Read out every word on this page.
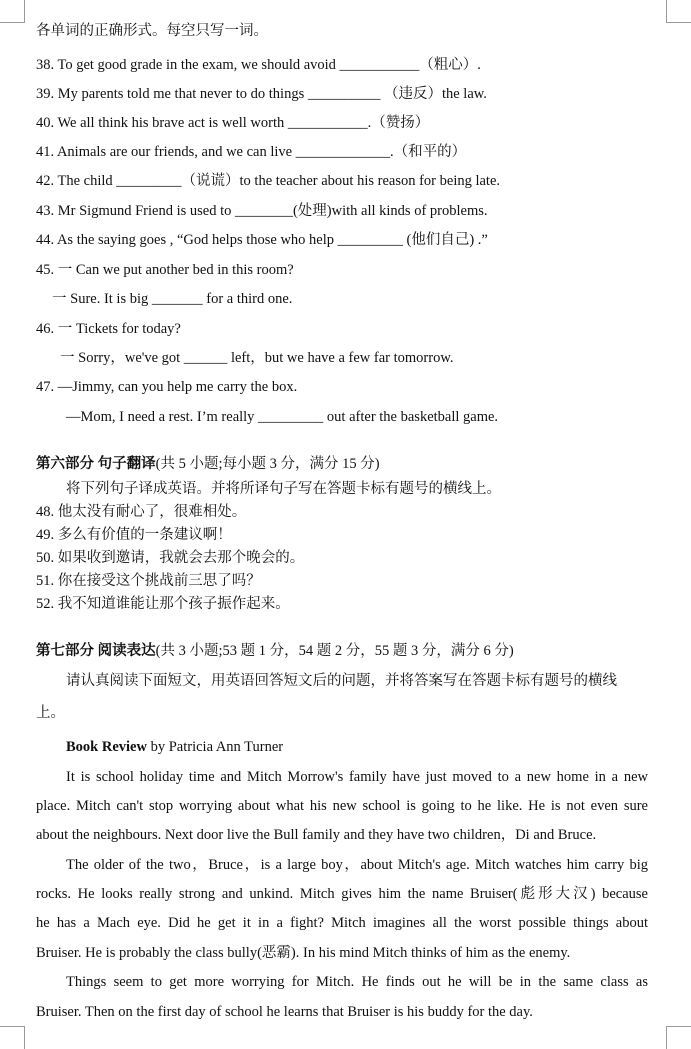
各单词的正确形式。每空只写一词。
38. To get good grade in the exam, we should avoid ___________（粗心）.
39. My parents told me that never to do things __________ （违反）the law.
40. We all think his brave act is well worth ___________.（赞扬）
41. Animals are our friends, and we can live _____________.（和平的）
42. The child _________（说谎）to the teacher about his reason for being late.
43. Mr Sigmund Friend is used to ________(处理)with all kinds of problems.
44. As the saying goes , “God helps those who help _________ (他们自己) .”
45. 一 Can we put another bed in this room?
一 Sure. It is big _______ for a third one.
46. 一 Tickets for today?
一 Sorry，we've got ______ left，but we have a few far tomorrow.
47. —Jimmy, can you help me carry the box.
—Mom, I need a rest. I’m really _________ out after the basketball game.
第六部分 句子翻译(共 5 小题;每小题 3 分，满分 15 分)
将下列句子译成英语。并将所译句子写在答题卡标有题号的横线上。
48. 他太没有耐心了，很难相处。
49. 多么有价值的一条建议啊！
50. 如果收到邀请，我就会去那个晚会的。
51. 你在接受这个挑战前三思了吗？
52. 我不知道谁能让那个孩子振作起来。
第七部分 阅读表达(共 3 小题;53 题 1 分，54 题 2 分，55 题 3 分，满分 6 分)
请认真阅读下面短文，用英语回答短文后的问题，并将答案写在答题卡标有题号的横线
上。
Book Review by Patricia Ann Turner
It is school holiday time and Mitch Morrow's family have just moved to a new home in a new
place. Mitch can't stop worrying about what his new school is going to he like. He is not even sure
about the neighbours. Next door live the Bull family and they have two children，Di and Bruce.
The older of the two，Bruce，is a large boy，about Mitch's age. Mitch watches him carry big
rocks. He looks really strong and unkind. Mitch gives him the name Bruiser(彪形大汉) because
he has a Mach eye. Did he get it in a fight? Mitch imagines all the worst possible things about
Bruiser. He is probably the class bully(恶霸). In his mind Mitch thinks of him as the enemy.
Things seem to get more worrying for Mitch. He finds out he will be in the same class as
Bruiser. Then on the first day of school he learns that Bruiser is his buddy for the day.
